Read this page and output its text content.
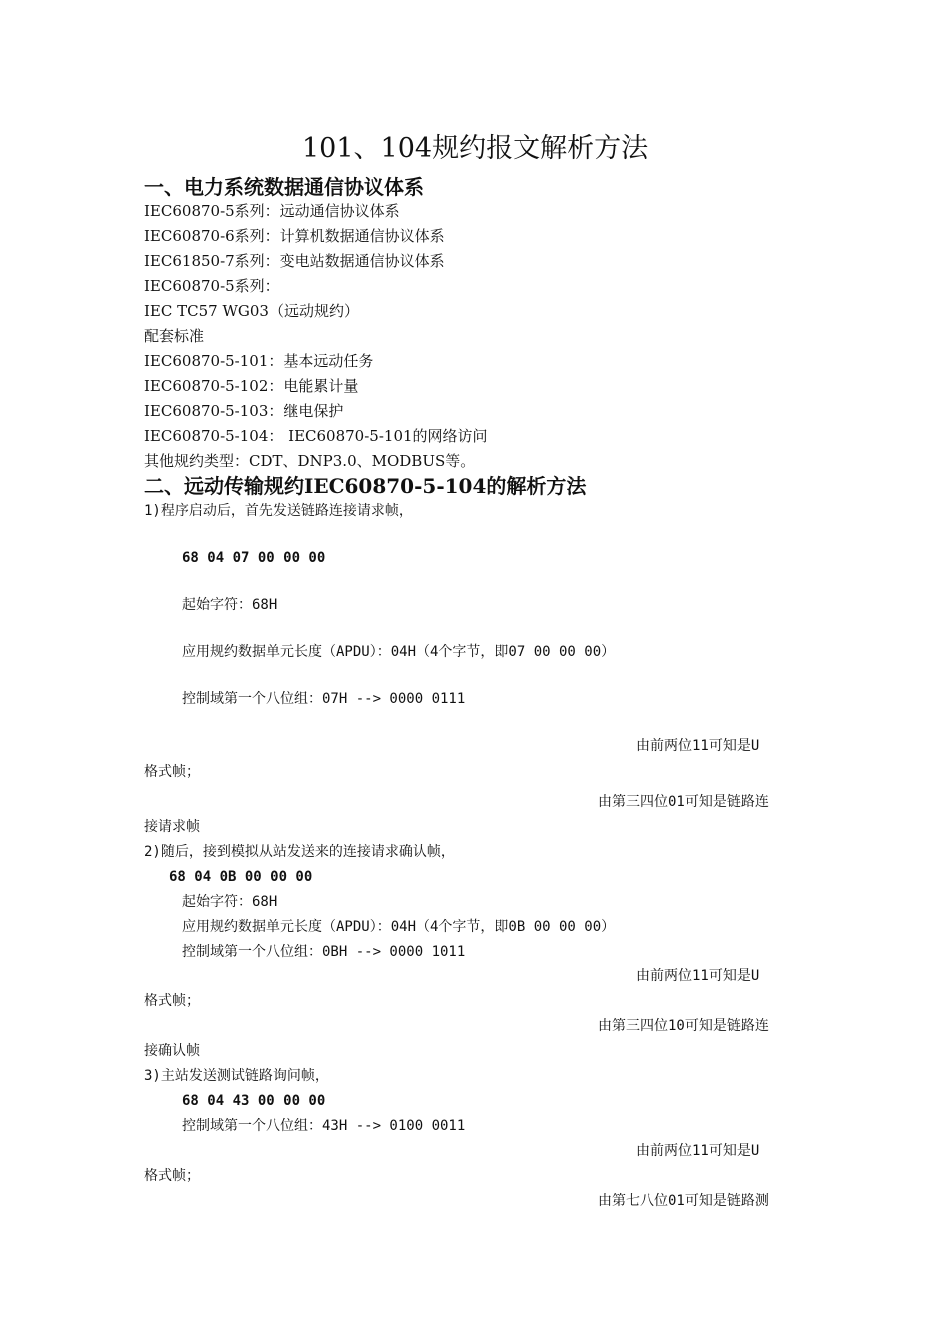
101、104规约报文解析方法
一、电力系统数据通信协议体系
IEC60870-5系列：远动通信协议体系
IEC60870-6系列：计算机数据通信协议体系
IEC61850-7系列：变电站数据通信协议体系
IEC60870-5系列：
IEC TC57 WG03（远动规约）
配套标准
IEC60870-5-101：基本远动任务
IEC60870-5-102：电能累计量
IEC60870-5-103：继电保护
IEC60870-5-104： IEC60870-5-101的网络访问
其他规约类型：CDT、DNP3.0、MODBUS等。
二、远动传输规约IEC60870-5-104的解析方法
1)程序启动后，首先发送链路连接请求帧，
68 04 07 00 00 00
起始字符：68H
应用规约数据单元长度（APDU）：04H（4个字节，即07 00 00 00）
控制域第一个八位组：07H --> 0000 0111
由前两位11可知是U
格式帧；
由第三四位01可知是链路连
接请求帧
2)随后，接到模拟从站发送来的连接请求确认帧，
68 04 0B 00 00 00
起始字符：68H
应用规约数据单元长度（APDU）：04H（4个字节，即0B 00 00 00）
控制域第一个八位组：0BH --> 0000 1011
由前两位11可知是U
格式帧；
由第三四位10可知是链路连
接确认帧
3)主站发送测试链路询问帧，
68 04 43 00 00 00
控制域第一个八位组：43H --> 0100 0011
由前两位11可知是U
格式帧；
由第七八位01可知是链路测
